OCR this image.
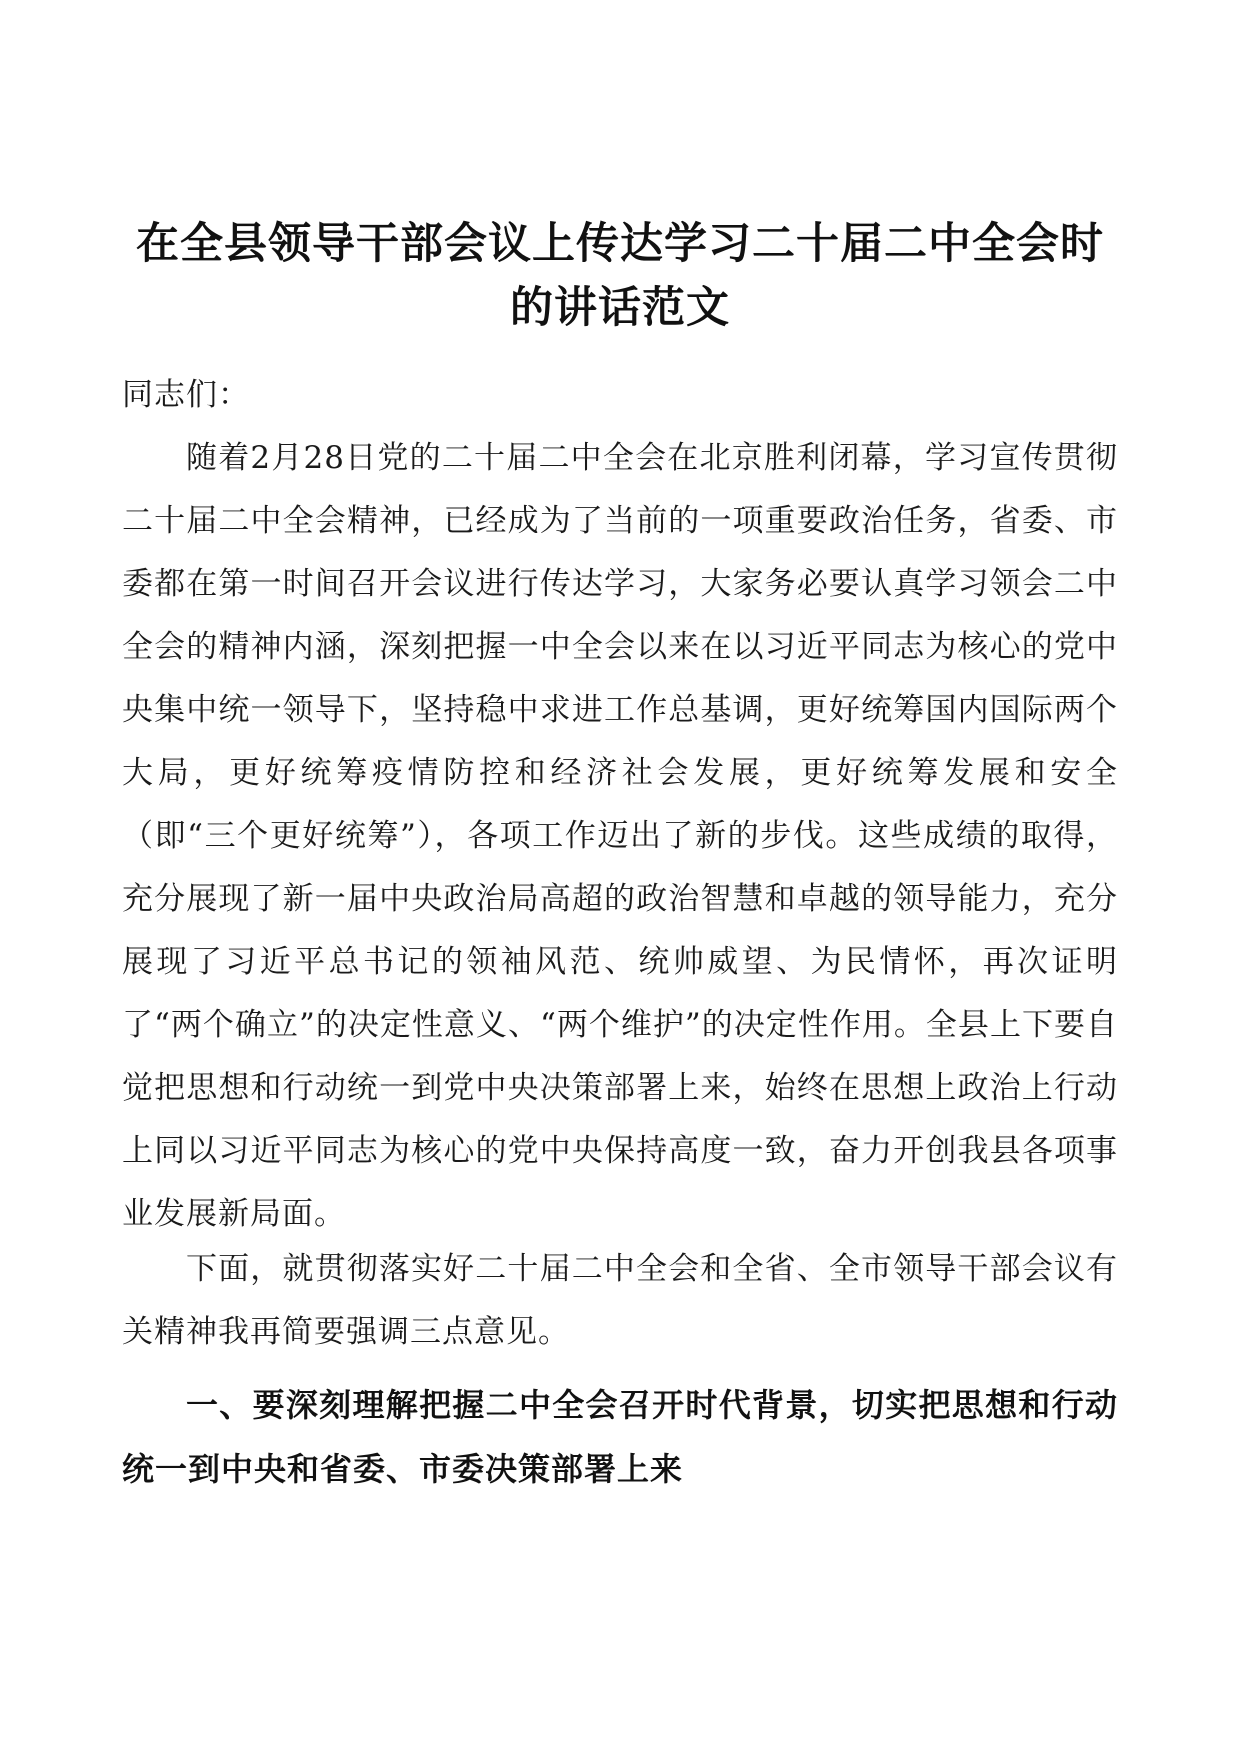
在全县领导干部会议上传达学习二十届二中全会时的讲话范文

同志们：

随着2月28日党的二十届二中全会在北京胜利闭幕，学习宣传贯彻二十届二中全会精神，已经成为了当前的一项重要政治任务，省委、市委都在第一时间召开会议进行传达学习，大家务必要认真学习领会二中全会的精神内涵，深刻把握一中全会以来在以习近平同志为核心的党中央集中统一领导下，坚持稳中求进工作总基调，更好统筹国内国际两个大局，更好统筹疫情防控和经济社会发展，更好统筹发展和安全（即“三个更好统筹”），各项工作迈出了新的步伐。这些成绩的取得，充分展现了新一届中央政治局高超的政治智慧和卓越的领导能力，充分展现了习近平总书记的领袖风范、统帅威望、为民情怀，再次证明了“两个确立”的决定性意义、“两个维护”的决定性作用。全县上下要自觉把思想和行动统一到党中央决策部署上来，始终在思想上政治上行动上同以习近平同志为核心的党中央保持高度一致，奋力开创我县各项事业发展新局面。

下面，就贯彻落实好二十届二中全会和全省、全市领导干部会议有关精神我再简要强调三点意见。

一、要深刻理解把握二中全会召开时代背景，切实把思想和行动统一到中央和省委、市委决策部署上来
